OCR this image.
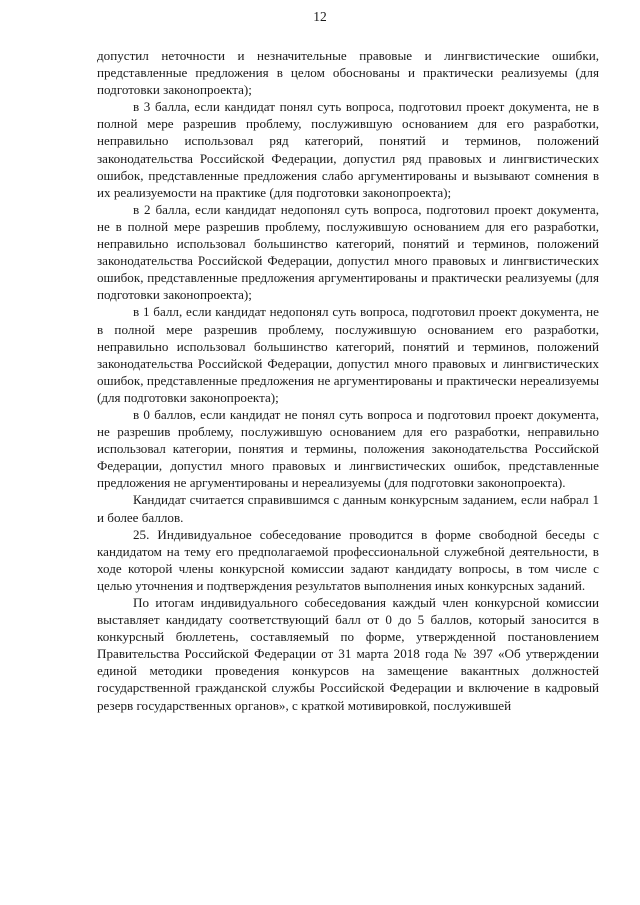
12

допустил неточности и незначительные правовые и лингвистические ошибки, представленные предложения в целом обоснованы и практически реализуемы (для подготовки законопроекта);

в 3 балла, если кандидат понял суть вопроса, подготовил проект документа, не в полной мере разрешив проблему, послужившую основанием для его разработки, неправильно использовал ряд категорий, понятий и терминов, положений законодательства Российской Федерации, допустил ряд правовых и лингвистических ошибок, представленные предложения слабо аргументированы и вызывают сомнения в их реализуемости на практике (для подготовки законопроекта);

в 2 балла, если кандидат недопонял суть вопроса, подготовил проект документа, не в полной мере разрешив проблему, послужившую основанием для его разработки, неправильно использовал большинство категорий, понятий и терминов, положений законодательства Российской Федерации, допустил много правовых и лингвистических ошибок, представленные предложения аргументированы и практически реализуемы (для подготовки законопроекта);

в 1 балл, если кандидат недопонял суть вопроса, подготовил проект документа, не в полной мере разрешив проблему, послужившую основанием его разработки, неправильно использовал большинство категорий, понятий и терминов, положений законодательства Российской Федерации, допустил много правовых и лингвистических ошибок, представленные предложения не аргументированы и практически нереализуемы (для подготовки законопроекта);

в 0 баллов, если кандидат не понял суть вопроса и подготовил проект документа, не разрешив проблему, послужившую основанием для его разработки, неправильно использовал категории, понятия и термины, положения законодательства Российской Федерации, допустил много правовых и лингвистических ошибок, представленные предложения не аргументированы и нереализуемы (для подготовки законопроекта).

Кандидат считается справившимся с данным конкурсным заданием, если набрал 1 и более баллов.

25. Индивидуальное собеседование проводится в форме свободной беседы с кандидатом на тему его предполагаемой профессиональной служебной деятельности, в ходе которой члены конкурсной комиссии задают кандидату вопросы, в том числе с целью уточнения и подтверждения результатов выполнения иных конкурсных заданий.

По итогам индивидуального собеседования каждый член конкурсной комиссии выставляет кандидату соответствующий балл от 0 до 5 баллов, который заносится в конкурсный бюллетень, составляемый по форме, утвержденной постановлением Правительства Российской Федерации от 31 марта 2018 года № 397 «Об утверждении единой методики проведения конкурсов на замещение вакантных должностей государственной гражданской службы Российской Федерации и включение в кадровый резерв государственных органов», с краткой мотивировкой, послужившей
